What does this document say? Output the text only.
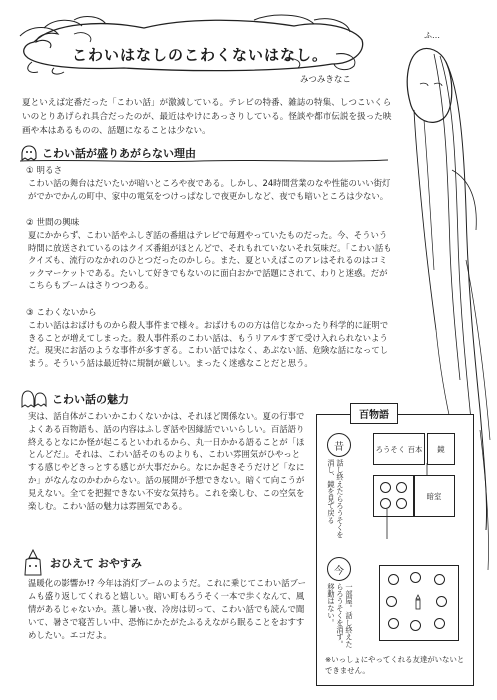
こわいはなしのこわくないはなし。
みつみきなこ
ふ…
夏といえば定番だった「こわい話」が激減している。テレビの特番、雑誌の特集、しつこいくらいのとりあげられ具合だったのが、最近はやけにあっさりしている。怪談や都市伝説を扱った映画や本はあるものの、話題になることは少ない。
こわい話が盛りあがらない理由
① 明るさ
こわい話の舞台はだいたいが暗いところや夜である。しかし、24時間営業のなや性能のいい街灯がでかでかんの町中、家中の電気をつけっぱなしで夜更かしなど、夜でも暗いところは少ない。
② 世間の興味
夏にかからず、こわい話やふしぎ話の番組はテレビで毎週やっていたものだった。今、そういう時間に放送されているのはクイズ番組がほとんどで、それもれていないそれ気味だ。「こわい話もクイズも、流行のなかれのひとつだったのかしら。また、夏といえばこのアレはそれるのはコミックマーケットである。たいして好きでもないのに面白おかで話題にされて、わりと迷惑。だがこちらもブームはさりつつある。
③ こわくないから
こわい話はおばけものから殺人事件まで様々。おばけものの方は信じなかったり科学的に証明できることが増えてしまった。殺人事件系のこわい話は、もうリアルすぎて受け入れられないようだ。現実にお話のような事件が多すぎる。こわい話ではなく、あぶない話、危険な話になってしまう。そういう話は最近特に規制が厳しい。まったく迷惑なことだと思う。
こわい話の魅力
実は、話自体がこわいかこわくないかは、それほど関係ない。夏の行事でよくある百物語も、話の内容はふしぎ話や因縁話でいいらしい。百話語り終えるとなにか怪が起こるといわれるから、丸一日かかる語ることが「ほとんどだ」。それは、こわい話そのものよりも、こわい雰囲気がひやっとする感じやどきっとする感じが大事だから。なにか起きそうだけど「なにか」がなんなのかわからない。話の展開が予想できない。暗くて向こうが見えない。全てを把握できない不安な気持ち。これを楽しむ、この空気を楽しむ。こわい話の魅力は雰囲気である。
おひえて おやすみ
温暖化の影響か!? 今年は消灯ブームのようだ。これに乗じてこわい話ブームも盛り返してくれると嬉しい。暗い町もろうそく一本で歩くなんて、風情があるじゃないか。蒸し暑い夜、冷房は切って、こわい話でも読んで聞いて、暑さで寝苦しい中、恐怖にかたがたふるえながら眠ることをおすすめしたい。エコだよ。
百物語
昔
話し終えたらろうそくを消し、鏡を見て戻る
ろうそく 百本	鏡
暗室
今
一部屋。話し終えたらろうそくを消す。移動はない。
※いっしょにやってくれる友達がいないとできません。
